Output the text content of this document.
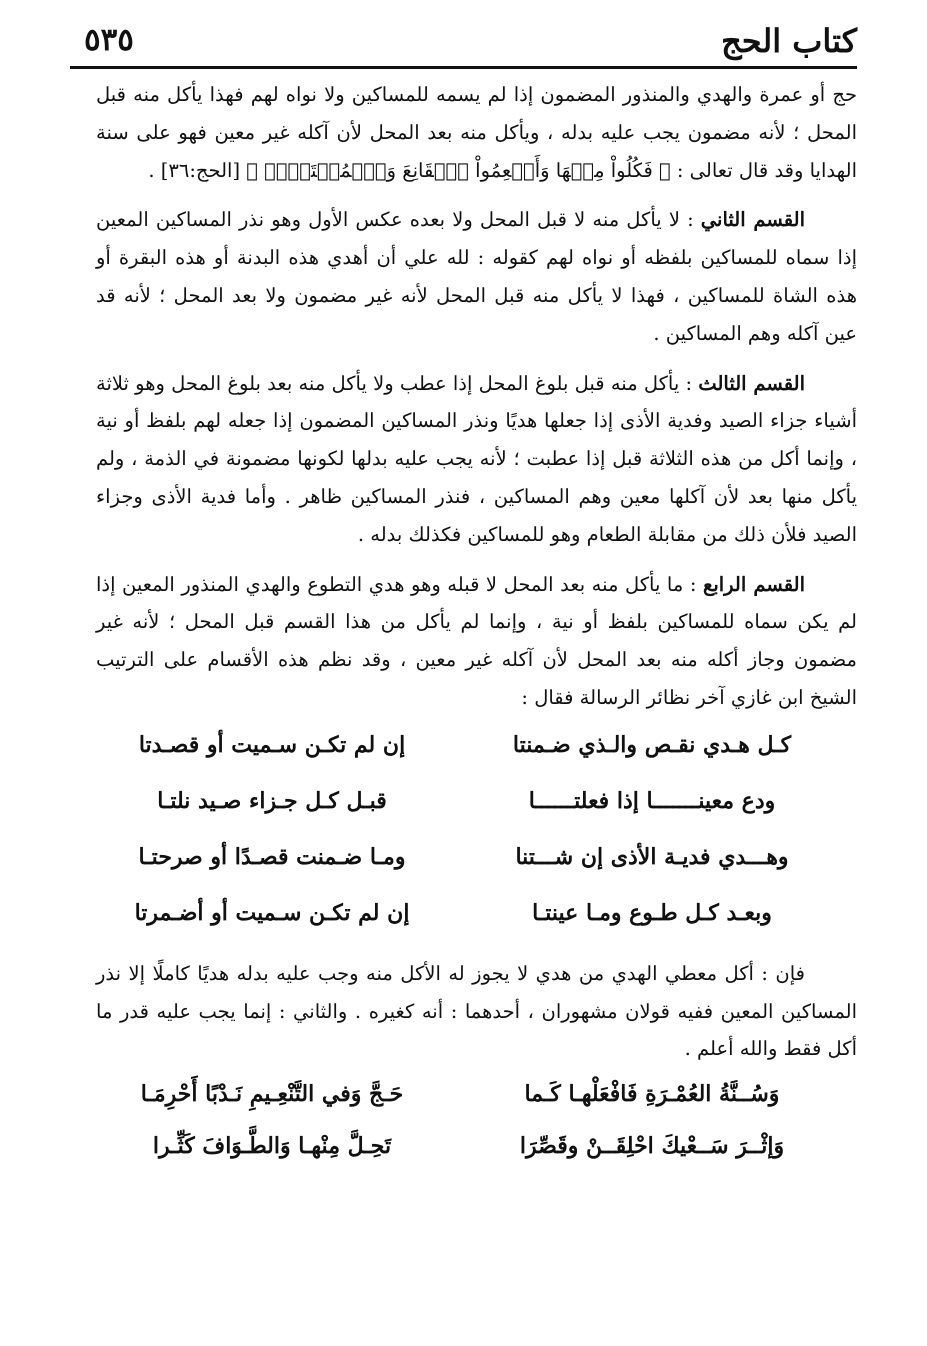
كتاب الحج
٥٣٥

حج أو عمرة والهدي والمنذور المضمون إذا لم يسمه للمساكين ولا نواه لهم فهذا يأكل منه قبل المحل ؛ لأنه مضمون يجب عليه بدله ، ويأكل منه بعد المحل لأن آكله غير معين فهو على سنة الهدايا وقد قال تعالى : ﴿ فَكُلُواْ مِنۡهَا وَأَطۡعِمُواْ ٱلۡقَانِعَ وَٱلۡمُعۡتَرَّۚ ﴾ [الحج:٣٦] .

القسم الثاني : لا يأكل منه لا قبل المحل ولا بعده عكس الأول وهو نذر المساكين المعين إذا سماه للمساكين بلفظه أو نواه لهم كقوله : لله علي أن أهدي هذه البدنة أو هذه البقرة أو هذه الشاة للمساكين ، فهذا لا يأكل منه قبل المحل لأنه غير مضمون ولا بعد المحل ؛ لأنه قد عين آكله وهم المساكين .

القسم الثالث : يأكل منه قبل بلوغ المحل إذا عطب ولا يأكل منه بعد بلوغ المحل وهو ثلاثة أشياء جزاء الصيد وفدية الأذى إذا جعلها هديًا ونذر المساكين المضمون إذا جعله لهم بلفظ أو نية ، وإنما أكل من هذه الثلاثة قبل إذا عطبت ؛ لأنه يجب عليه بدلها لكونها مضمونة في الذمة ، ولم يأكل منها بعد لأن آكلها معين وهم المساكين ، فنذر المساكين ظاهر . وأما فدية الأذى وجزاء الصيد فلأن ذلك من مقابلة الطعام وهو للمساكين فكذلك بدله .

القسم الرابع : ما يأكل منه بعد المحل لا قبله وهو هدي التطوع والهدي المنذور المعين إذا لم يكن سماه للمساكين بلفظ أو نية ، وإنما لم يأكل من هذا القسم قبل المحل ؛ لأنه غير مضمون وجاز أكله منه بعد المحل لأن آكله غير معين ، وقد نظم هذه الأقسام على الترتيب الشيخ ابن غازي آخر نظائر الرسالة فقال :

كـل هـدي نقـص والـذي ضـمنتا
إن لم تكـن سـميت أو قصـدتا
ودع معينـــــــا إذا فعلتــــــا
قبـل كـل جـزاء صـيد نلتـا
وهـــدي فديـة الأذى إن شـــتنا
ومـا ضـمنت قصـدًا أو صرحتـا
وبعـد كـل طـوع ومـا عينتـا
إن لم تكـن سـميت أو أضـمرتا

فإن : أكل معطي الهدي من هدي لا يجوز له الأكل منه وجب عليه بدله هديًا كاملًا إلا نذر المساكين المعين ففيه قولان مشهوران ، أحدهما : أنه كغيره . والثاني : إنما يجب عليه قدر ما أكل فقط والله أعلم .

وَسُــنَّةُ العُمْـرَةِ فَافْعَلْهـا كَـما
حَـجَّ وَفي التَّنْعِـيمِ نَـدْبًا أَحْرِمَـا
وَإثْــرَ سَــعْيكَ احْلِقَــنْ وقَصِّرَا
تَحِـلَّ مِنْهـا وَالطَّـوَافَ كَثِّـرا
